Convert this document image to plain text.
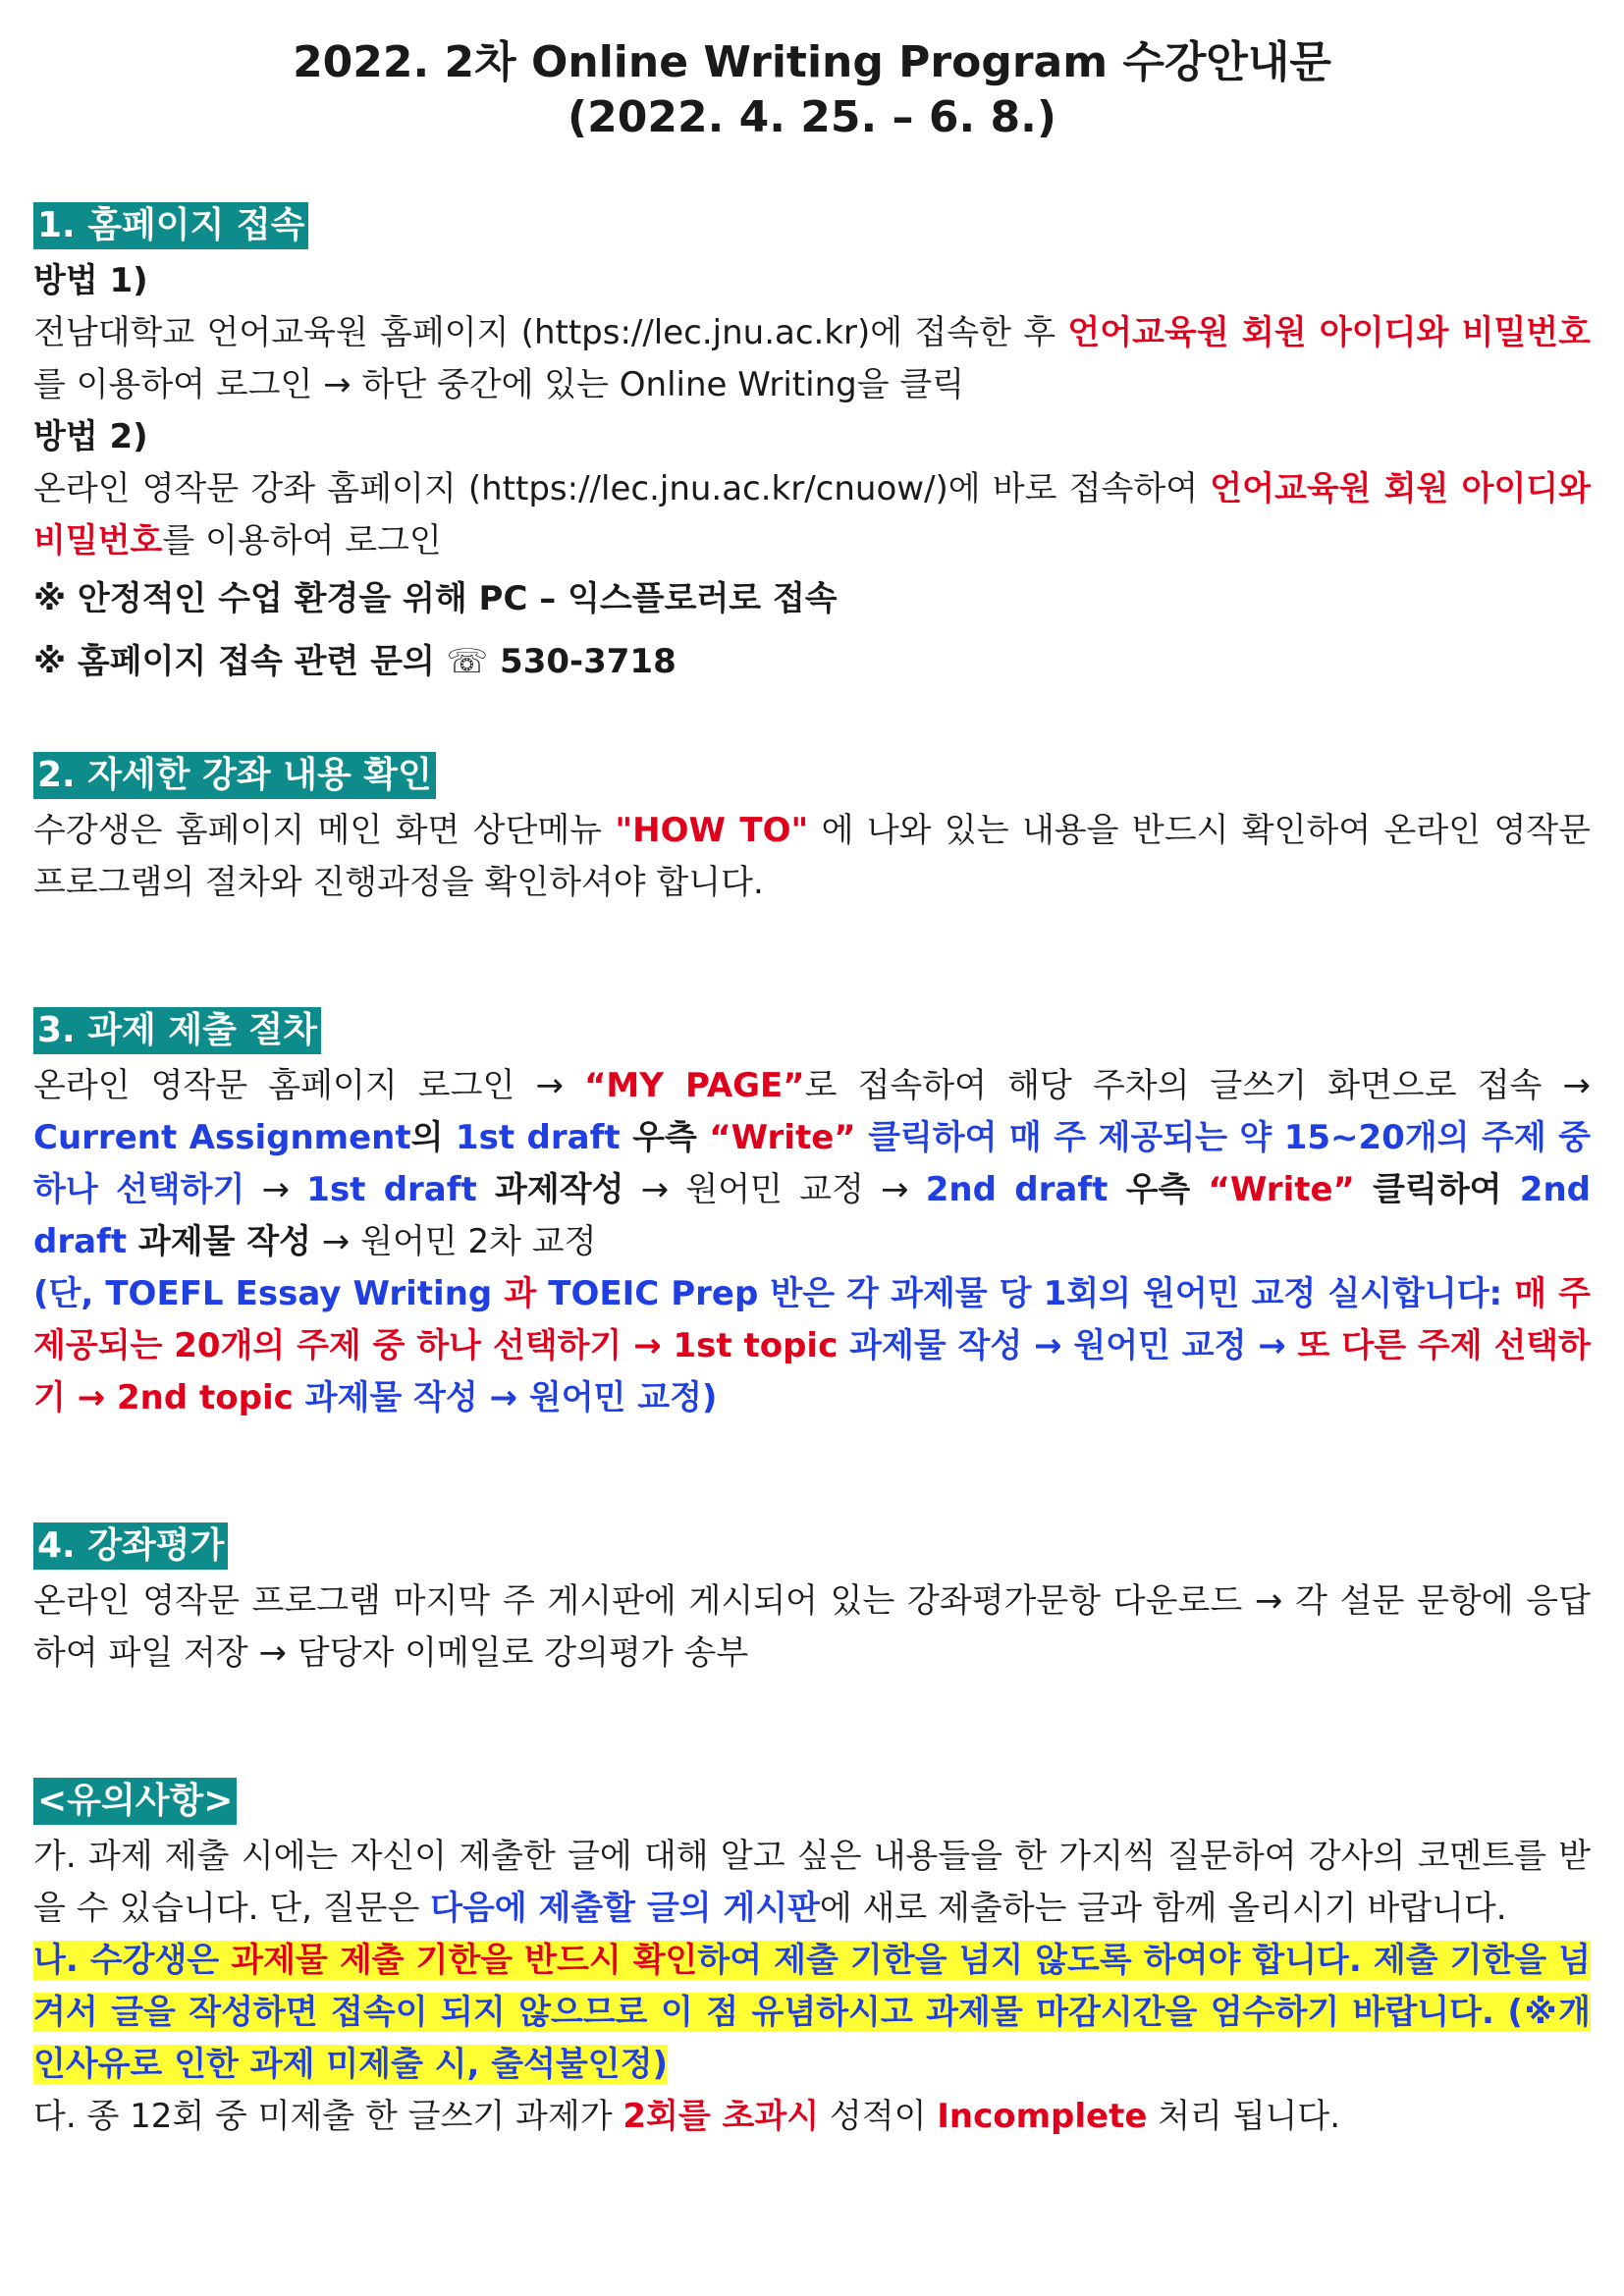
2022. 2차 Online Writing Program 수강안내문
(2022. 4. 25. – 6. 8.)
1. 홈페이지 접속

방법 1)

전남대학교 언어교육원 홈페이지 (https://lec.jnu.ac.kr)에 접속한 후 언어교육원 회원 아이디와 비밀번호를 이용하여 로그인 → 하단 중간에 있는 Online Writing을 클릭

방법 2)

온라인 영작문 강좌 홈페이지 (https://lec.jnu.ac.kr/cnuow/)에 바로 접속하여 언어교육원 회원 아이디와 비밀번호를 이용하여 로그인

※ 안정적인 수업 환경을 위해 PC – 익스플로러로 접속

※ 홈페이지 접속 관련 문의 ☏ 530-3718

2. 자세한 강좌 내용 확인

수강생은 홈페이지 메인 화면 상단메뉴 "HOW TO" 에 나와 있는 내용을 반드시 확인하여 온라인 영작문 프로그램의 절차와 진행과정을 확인하셔야 합니다.

3. 과제 제출 절차

온라인 영작문 홈페이지 로그인 → “MY PAGE”로 접속하여 해당 주차의 글쓰기 화면으로 접속 → Current Assignment의 1st draft 우측 “Write” 클릭하여 매 주 제공되는 약 15~20개의 주제 중 하나 선택하기 → 1st draft 과제작성 → 원어민 교정 → 2nd draft 우측 “Write” 클릭하여 2nd draft 과제물 작성 → 원어민 2차 교정

(단, TOEFL Essay Writing 과 TOEIC Prep 반은 각 과제물 당 1회의 원어민 교정 실시합니다: 매 주 제공되는 20개의 주제 중 하나 선택하기 → 1st topic 과제물 작성 → 원어민 교정 → 또 다른 주제 선택하기 → 2nd topic 과제물 작성 → 원어민 교정)

4. 강좌평가

온라인 영작문 프로그램 마지막 주 게시판에 게시되어 있는 강좌평가문항 다운로드 → 각 설문 문항에 응답하여 파일 저장 → 담당자 이메일로 강의평가 송부

<유의사항>

가. 과제 제출 시에는 자신이 제출한 글에 대해 알고 싶은 내용들을 한 가지씩 질문하여 강사의 코멘트를 받을 수 있습니다. 단, 질문은 다음에 제출할 글의 게시판에 새로 제출하는 글과 함께 올리시기 바랍니다.

나. 수강생은 과제물 제출 기한을 반드시 확인하여 제출 기한을 넘지 않도록 하여야 합니다. 제출 기한을 넘겨서 글을 작성하면 접속이 되지 않으므로 이 점 유념하시고 과제물 마감시간을 엄수하기 바랍니다. (※개인사유로 인한 과제 미제출 시, 출석불인정)

다. 종 12회 중 미제출 한 글쓰기 과제가 2회를 초과시 성적이 Incomplete 처리 됩니다.
